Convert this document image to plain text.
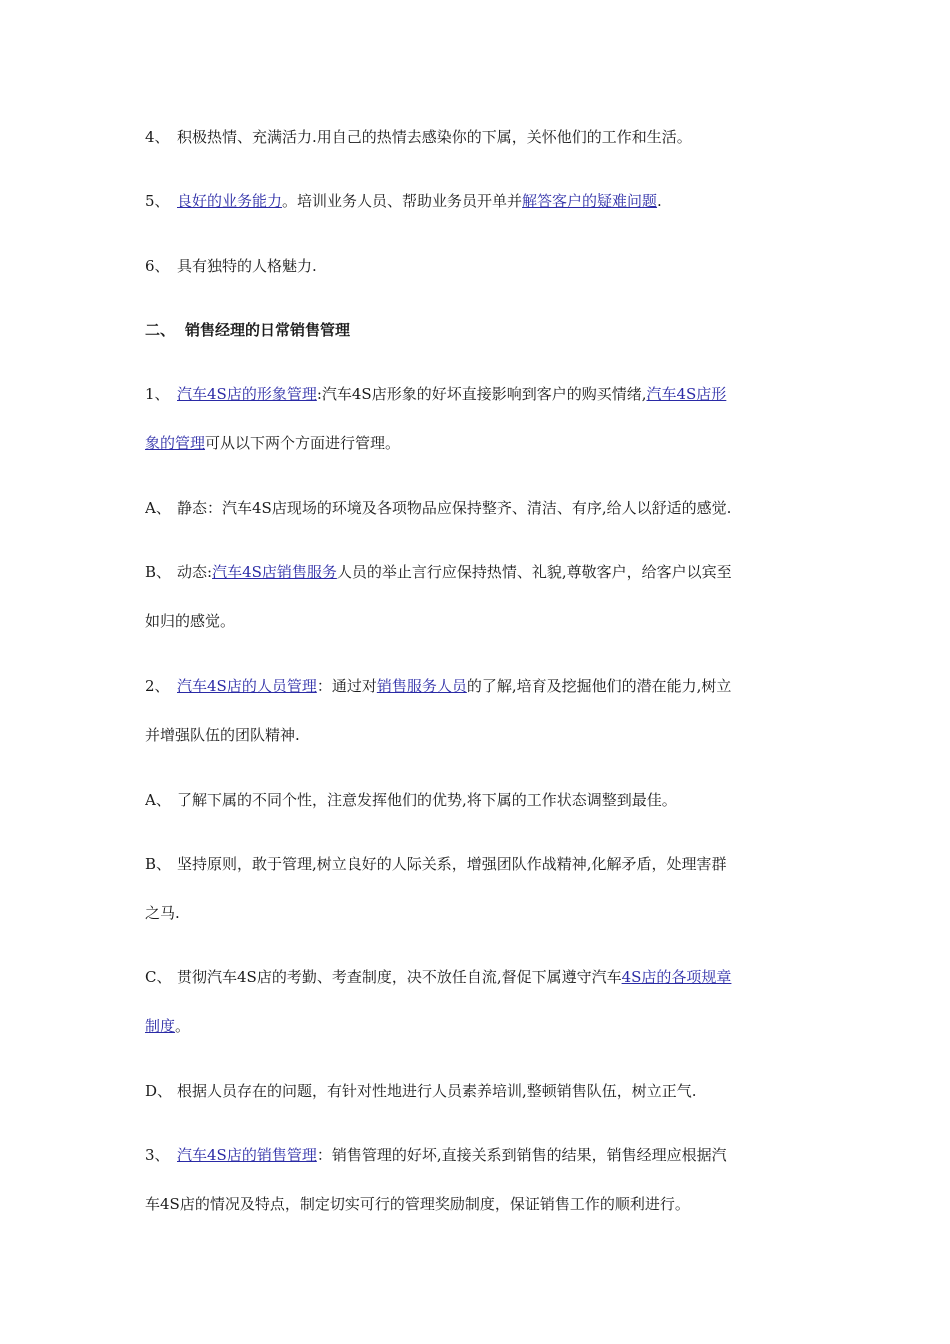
4、 积极热情、充满活力.用自己的热情去感染你的下属，关怀他们的工作和生活。
5、 良好的业务能力。培训业务人员、帮助业务员开单并解答客户的疑难问题.
6、 具有独特的人格魅力.
二、 销售经理的日常销售管理
1、 汽车4S店的形象管理:汽车4S店形象的好坏直接影响到客户的购买情绪,汽车4S店形
象的管理可从以下两个方面进行管理。
A、 静态：汽车4S店现场的环境及各项物品应保持整齐、清洁、有序,给人以舒适的感觉.
B、 动态:汽车4S店销售服务人员的举止言行应保持热情、礼貌,尊敬客户，给客户以宾至
如归的感觉。
2、 汽车4S店的人员管理：通过对销售服务人员的了解,培育及挖掘他们的潜在能力,树立
并增强队伍的团队精神.
A、 了解下属的不同个性，注意发挥他们的优势,将下属的工作状态调整到最佳。
B、 坚持原则，敢于管理,树立良好的人际关系，增强团队作战精神,化解矛盾，处理害群
之马.
C、 贯彻汽车4S店的考勤、考查制度，决不放任自流,督促下属遵守汽车4S店的各项规章
制度。
D、 根据人员存在的问题，有针对性地进行人员素养培训,整顿销售队伍，树立正气.
3、 汽车4S店的销售管理：销售管理的好坏,直接关系到销售的结果，销售经理应根据汽
车4S店的情况及特点，制定切实可行的管理奖励制度，保证销售工作的顺利进行。
